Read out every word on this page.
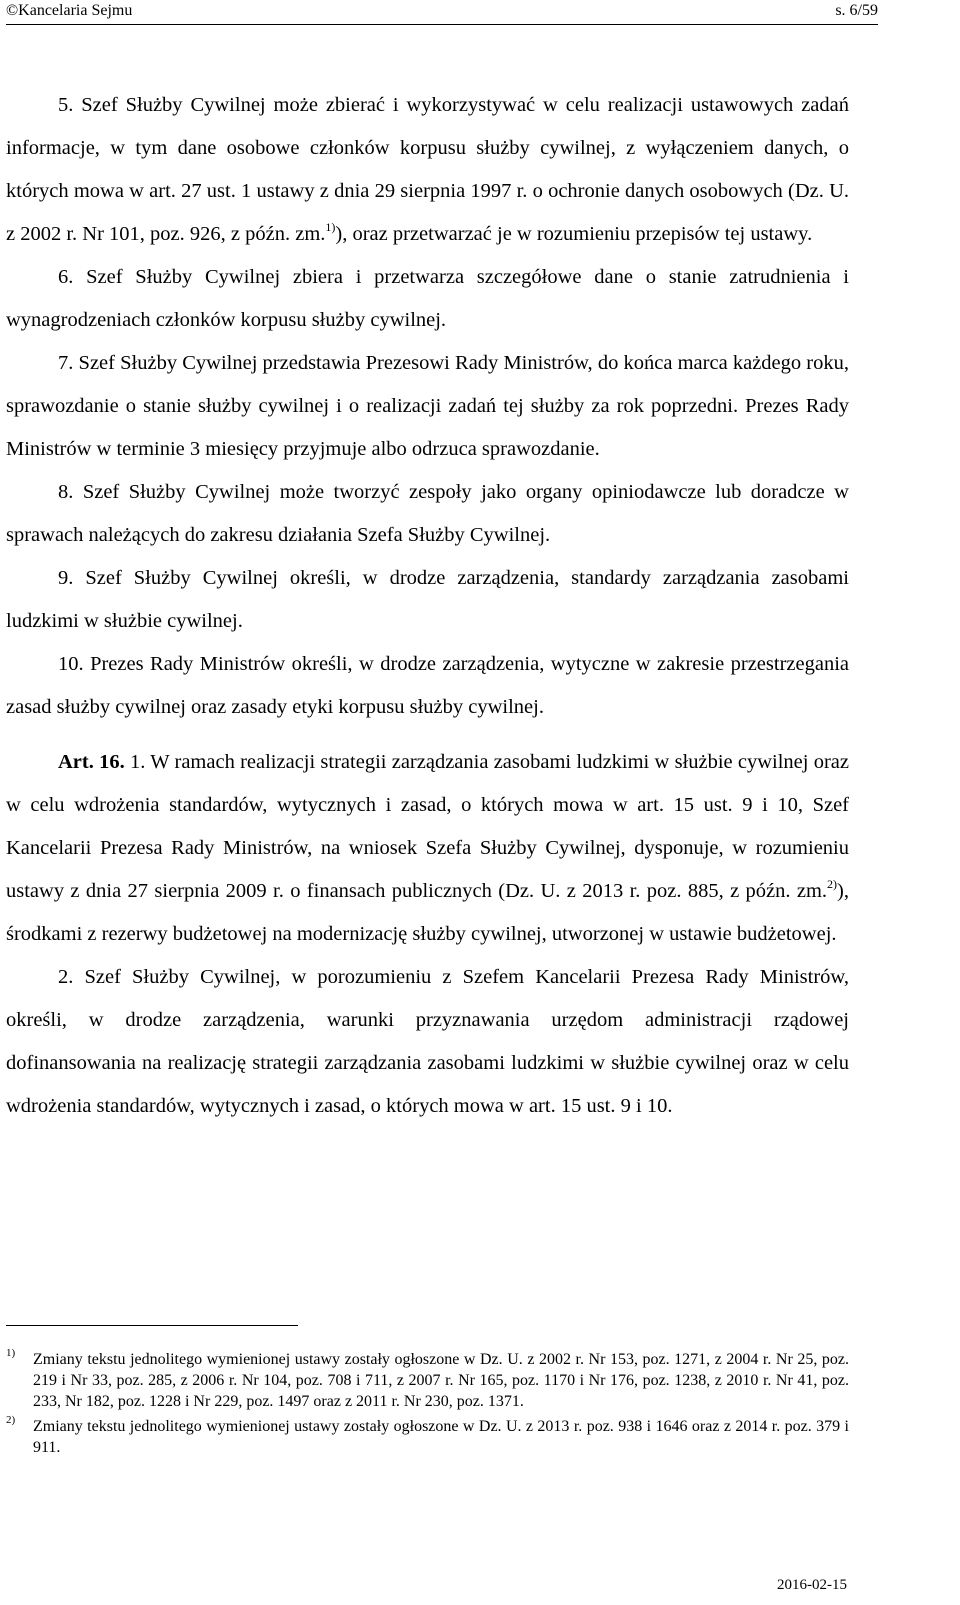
©Kancelaria Sejmu	s. 6/59

5. Szef Służby Cywilnej może zbierać i wykorzystywać w celu realizacji ustawowych zadań informacje, w tym dane osobowe członków korpusu służby cywilnej, z wyłączeniem danych, o których mowa w art. 27 ust. 1 ustawy z dnia 29 sierpnia 1997 r. o ochronie danych osobowych (Dz. U. z 2002 r. Nr 101, poz. 926, z późn. zm.$^{1)}$), oraz przetwarzać je w rozumieniu przepisów tej ustawy.

6. Szef Służby Cywilnej zbiera i przetwarza szczegółowe dane o stanie zatrudnienia i wynagrodzeniach członków korpusu służby cywilnej.

7. Szef Służby Cywilnej przedstawia Prezesowi Rady Ministrów, do końca marca każdego roku, sprawozdanie o stanie służby cywilnej i o realizacji zadań tej służby za rok poprzedni. Prezes Rady Ministrów w terminie 3 miesięcy przyjmuje albo odrzuca sprawozdanie.

8. Szef Służby Cywilnej może tworzyć zespoły jako organy opiniodawcze lub doradcze w sprawach należących do zakresu działania Szefa Służby Cywilnej.

9. Szef Służby Cywilnej określi, w drodze zarządzenia, standardy zarządzania zasobami ludzkimi w służbie cywilnej.

10. Prezes Rady Ministrów określi, w drodze zarządzenia, wytyczne w zakresie przestrzegania zasad służby cywilnej oraz zasady etyki korpusu służby cywilnej.

Art. 16. 1. W ramach realizacji strategii zarządzania zasobami ludzkimi w służbie cywilnej oraz w celu wdrożenia standardów, wytycznych i zasad, o których mowa w art. 15 ust. 9 i 10, Szef Kancelarii Prezesa Rady Ministrów, na wniosek Szefa Służby Cywilnej, dysponuje, w rozumieniu ustawy z dnia 27 sierpnia 2009 r. o finansach publicznych (Dz. U. z 2013 r. poz. 885, z późn. zm.$^{2)}$), środkami z rezerwy budżetowej na modernizację służby cywilnej, utworzonej w ustawie budżetowej.

2. Szef Służby Cywilnej, w porozumieniu z Szefem Kancelarii Prezesa Rady Ministrów, określi, w drodze zarządzenia, warunki przyznawania urzędom administracji rządowej dofinansowania na realizację strategii zarządzania zasobami ludzkimi w służbie cywilnej oraz w celu wdrożenia standardów, wytycznych i zasad, o których mowa w art. 15 ust. 9 i 10.

1) Zmiany tekstu jednolitego wymienionej ustawy zostały ogłoszone w Dz. U. z 2002 r. Nr 153, poz. 1271, z 2004 r. Nr 25, poz. 219 i Nr 33, poz. 285, z 2006 r. Nr 104, poz. 708 i 711, z 2007 r. Nr 165, poz. 1170 i Nr 176, poz. 1238, z 2010 r. Nr 41, poz. 233, Nr 182, poz. 1228 i Nr 229, poz. 1497 oraz z 2011 r. Nr 230, poz. 1371.
2) Zmiany tekstu jednolitego wymienionej ustawy zostały ogłoszone w Dz. U. z 2013 r. poz. 938 i 1646 oraz z 2014 r. poz. 379 i 911.
2016-02-15
